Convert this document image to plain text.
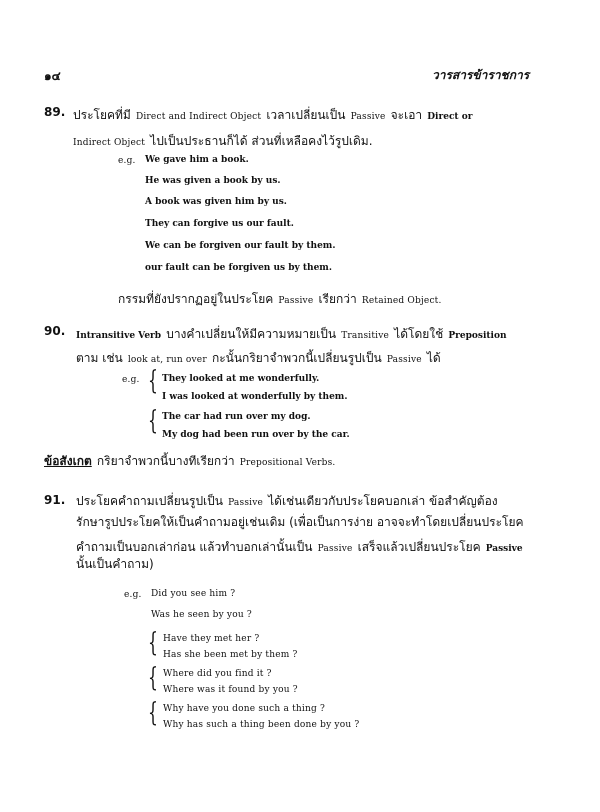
๑๔	วารสารข้าราชการ
89. ประโยคที่มี Direct and Indirect Object เวลาเปลี่ยนเป็น Passive จะเอา Direct or
Indirect Object ไปเป็นประธานก็ได้ ส่วนที่เหลือคงไว้รูปเดิม.
e.g. We gave him a book.
He was given a book by us.
A book was given him by us.
They can forgive us our fault.
We can be forgiven our fault by them.
our fault can be forgiven us by them.
กรรมที่ยังปรากฏอยู่ในประโยค Passive เรียกว่า Retained Object.
90. Intransitive Verb บางคำเปลี่ยนให้มีความหมายเป็น Transitive ได้โดยใช้ Preposition
ตาม เช่น look at, run over กะนั้นกริยาจำพวกนี้เปลี่ยนรูปเป็น Passive ได้
e.g. { They looked at me wonderfully.
I was looked at wonderfully by them.
{ The car had run over my dog.
My dog had been run over by the car.
ข้อสังเกต กริยาจำพวกนี้บางทีเรียกว่า Prepositional Verbs.
91. ประโยคคำถามเปลี่ยนรูปเป็น Passive ได้เช่นเดียวกับประโยคบอกเล่า ข้อสำคัญต้อง
รักษารูปประโยคให้เป็นคำถามอยู่เช่นเดิม (เพื่อเป็นการง่าย อาจจะทำโดยเปลี่ยนประโยค
คำถามเป็นบอกเล่าก่อน แล้วทำบอกเล่านั้นเป็น Passive เสร็จแล้วเปลี่ยนประโยค Passive
นั้นเป็นคำถาม)
e.g. Did you see him ?
Was he seen by you ?
{ Have they met her ?
Has she been met by them ?
{ Where did you find it ?
Where was it found by you ?
{ Why have you done such a thing ?
Why has such a thing been done by you ?
